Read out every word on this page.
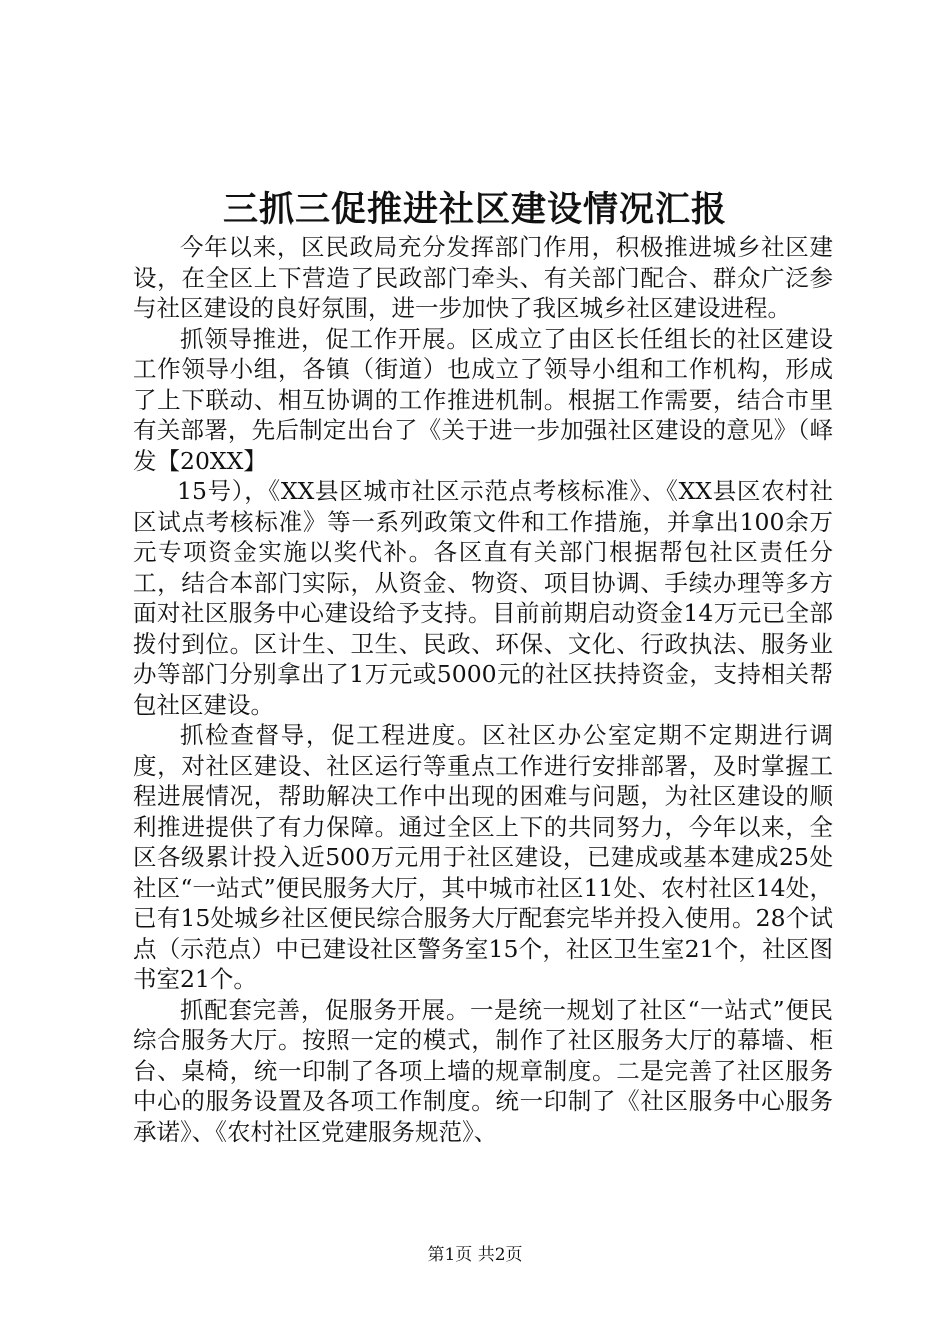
三抓三促推进社区建设情况汇报

今年以来，区民政局充分发挥部门作用，积极推进城乡社区建设，在全区上下营造了民政部门牵头、有关部门配合、群众广泛参与社区建设的良好氛围，进一步加快了我区城乡社区建设进程。

抓领导推进，促工作开展。区成立了由区长任组长的社区建设工作领导小组，各镇（街道）也成立了领导小组和工作机构，形成了上下联动、相互协调的工作推进机制。根据工作需要，结合市里有关部署，先后制定出台了《关于进一步加强社区建设的意见》（峄发【20XX】

15号），《XX县区城市社区示范点考核标准》、《XX县区农村社区试点考核标准》等一系列政策文件和工作措施，并拿出100余万元专项资金实施以奖代补。各区直有关部门根据帮包社区责任分工，结合本部门实际，从资金、物资、项目协调、手续办理等多方面对社区服务中心建设给予支持。目前前期启动资金14万元已全部拨付到位。区计生、卫生、民政、环保、文化、行政执法、服务业办等部门分别拿出了1万元或5000元的社区扶持资金，支持相关帮包社区建设。

抓检查督导，促工程进度。区社区办公室定期不定期进行调度，对社区建设、社区运行等重点工作进行安排部署，及时掌握工程进展情况，帮助解决工作中出现的困难与问题，为社区建设的顺利推进提供了有力保障。通过全区上下的共同努力，今年以来，全区各级累计投入近500万元用于社区建设，已建成或基本建成25处社区“一站式”便民服务大厅，其中城市社区11处、农村社区14处，已有15处城乡社区便民综合服务大厅配套完毕并投入使用。28个试点（示范点）中已建设社区警务室15个，社区卫生室21个，社区图书室21个。

抓配套完善，促服务开展。一是统一规划了社区“一站式”便民综合服务大厅。按照一定的模式，制作了社区服务大厅的幕墙、柜台、桌椅，统一印制了各项上墙的规章制度。二是完善了社区服务中心的服务设置及各项工作制度。统一印制了《社区服务中心服务承诺》、《农村社区党建服务规范》、

第1页 共2页
